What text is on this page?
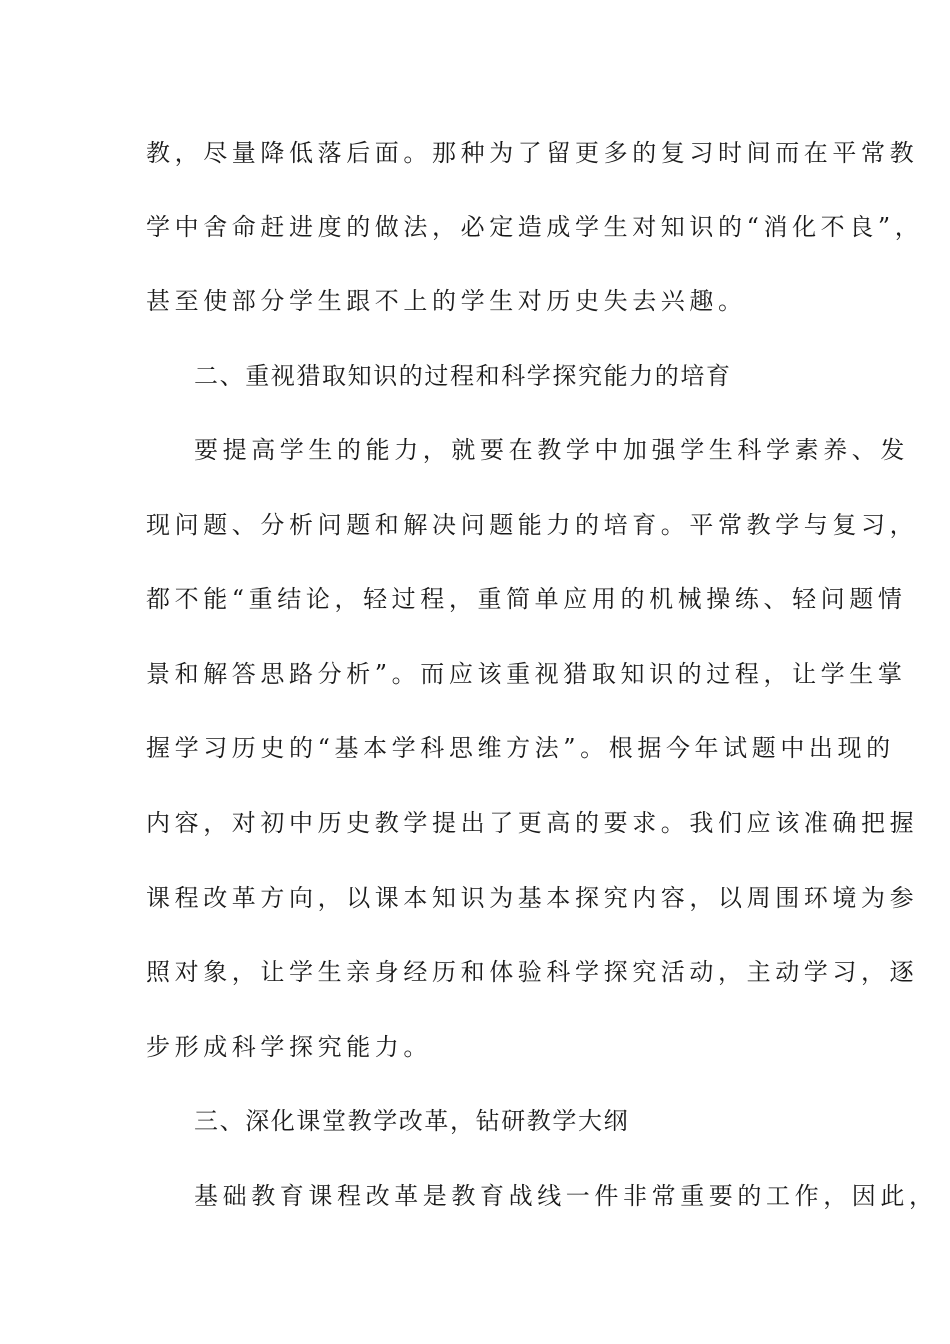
教，尽量降低落后面。那种为了留更多的复习时间而在平常教
学中舍命赶进度的做法，必定造成学生对知识的“消化不良”，
甚至使部分学生跟不上的学生对历史失去兴趣。
二、重视猎取知识的过程和科学探究能力的培育
要提高学生的能力，就要在教学中加强学生科学素养、发
现问题、分析问题和解决问题能力的培育。平常教学与复习，
都不能“重结论，轻过程，重简单应用的机械操练、轻问题情
景和解答思路分析”。而应该重视猎取知识的过程，让学生掌
握学习历史的“基本学科思维方法”。根据今年试题中出现的
内容，对初中历史教学提出了更高的要求。我们应该准确把握
课程改革方向，以课本知识为基本探究内容，以周围环境为参
照对象，让学生亲身经历和体验科学探究活动，主动学习，逐
步形成科学探究能力。
三、深化课堂教学改革，钻研教学大纲
基础教育课程改革是教育战线一件非常重要的工作，因此，
